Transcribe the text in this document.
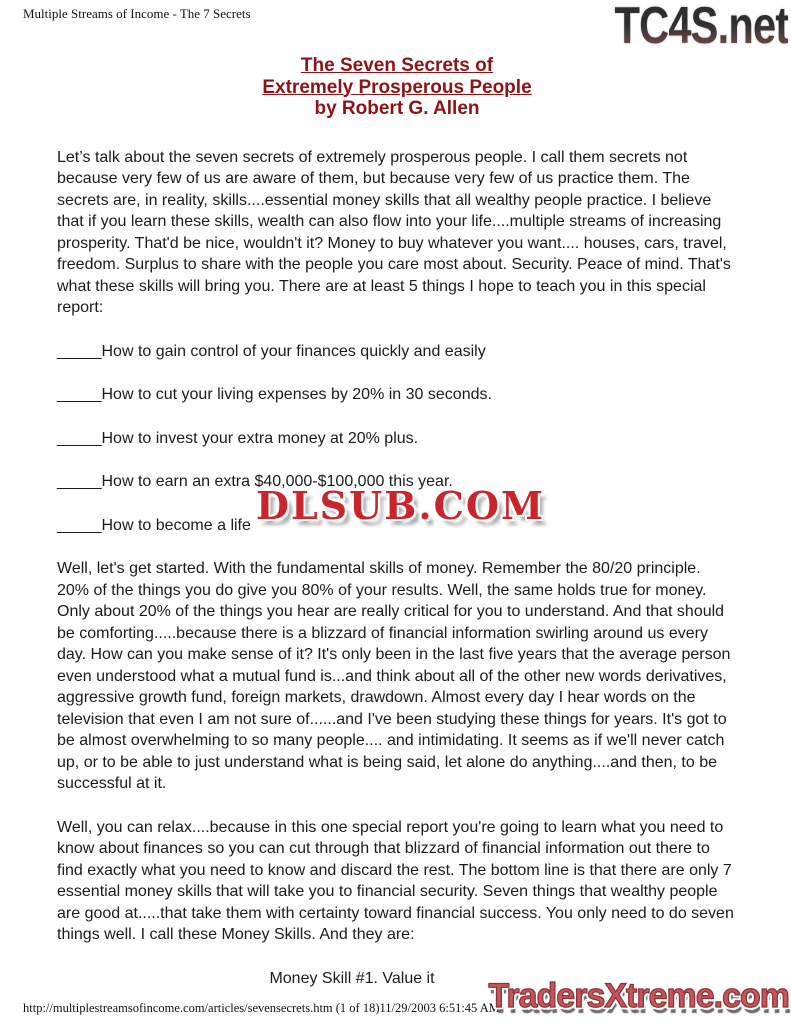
Multiple Streams of Income - The 7 Secrets	TC4S.net
The Seven Secrets of
Extremely Prosperous People
by Robert G. Allen

Let’s talk about the seven secrets of extremely prosperous people. I call them secrets not because very few of us are aware of them, but because very few of us practice them. The secrets are, in reality, skills....essential money skills that all wealthy people practice. I believe that if you learn these skills, wealth can also flow into your life....multiple streams of increasing prosperity. That'd be nice, wouldn't it? Money to buy whatever you want.... houses, cars, travel, freedom. Surplus to share with the people you care most about. Security. Peace of mind. That's what these skills will bring you. There are at least 5 things I hope to teach you in this special report:

_____How to gain control of your finances quickly and easily

_____How to cut your living expenses by 20% in 30 seconds.

_____How to invest your extra money at 20% plus.

_____How to earn an extra $40,000-$100,000 this year.

_____How to become a life

Well, let's get started. With the fundamental skills of money. Remember the 80/20 principle. 20% of the things you do give you 80% of your results. Well, the same holds true for money. Only about 20% of the things you hear are really critical for you to understand. And that should be comforting.....because there is a blizzard of financial information swirling around us every day. How can you make sense of it? It's only been in the last five years that the average person even understood what a mutual fund is...and think about all of the other new words derivatives, aggressive growth fund, foreign markets, drawdown. Almost every day I hear words on the television that even I am not sure of......and I've been studying these things for years. It's got to be almost overwhelming to so many people.... and intimidating. It seems as if we'll never catch up, or to be able to just understand what is being said, let alone do anything....and then, to be successful at it.

Well, you can relax....because in this one special report you're going to learn what you need to know about finances so you can cut through that blizzard of financial information out there to find exactly what you need to know and discard the rest. The bottom line is that there are only 7 essential money skills that will take you to financial security. Seven things that wealthy people are good at.....that take them with certainty toward financial success. You only need to do seven things well. I call these Money Skills. And they are:

Money Skill #1. Value it

DLSUB.COM
http://multiplestreamsofincome.com/articles/sevensecrets.htm (1 of 18)11/29/2003 6:51:45 AM
TradersXtreme.com
